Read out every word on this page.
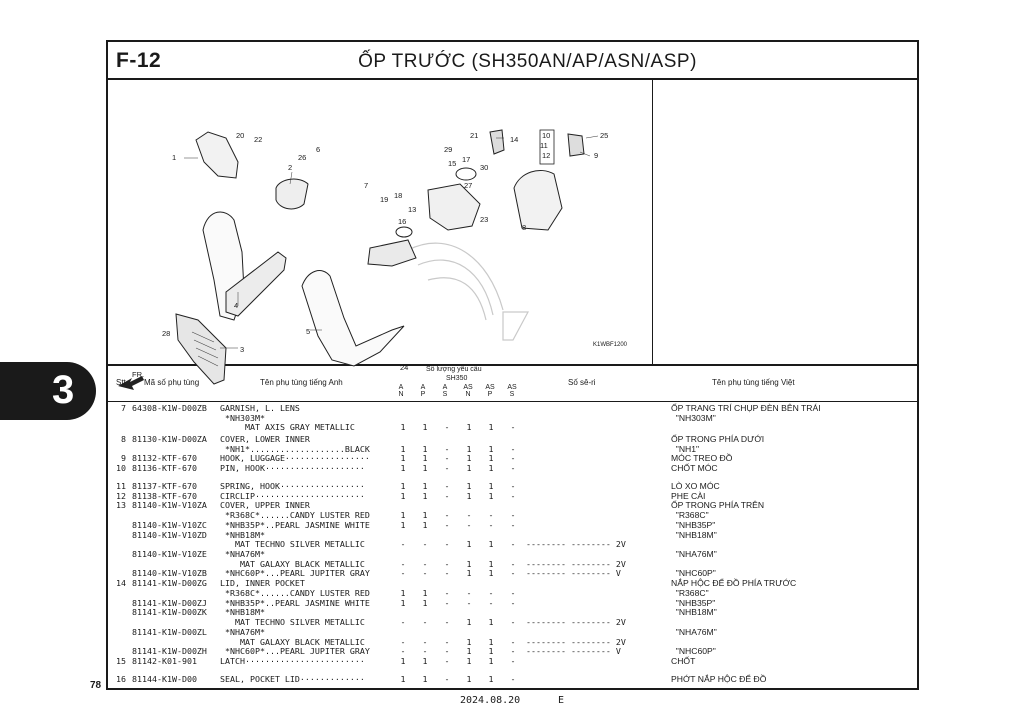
F-12	ỐP TRƯỚC (SH350AN/AP/ASN/ASP)
FR.
1
2
3
4
5
6
7
8
9
10
11
12
13
14
15
16
17
18
19
20	21
22
23
24
25
26
27
28
29
30
K1WBF1200
Stt Mã số phụ tùng	Tên phụ tùng tiếng Anh
Số lượng yêu cầu
SH350
A
N
A
P
A
S
AS
N
AS
P
AS
S
Số sê-ri	Tên phụ tùng tiếng Việt
7 64308-K1W-D00ZB GARNISH, L. LENS	ỐP TRANG TRÍ CHỤP ĐÈN BÊN TRÁI
*NH303M*	"NH303M"
MAT AXIS GRAY METALLIC	1	1	-	1	1	-
8 81130-K1W-D00ZA COVER, LOWER INNER	ỐP TRONG PHÍA DƯỚI
*NH1*...................BLACK	1	1	-	1	1	-	"NH1"
9 81132-KTF-670	HOOK, LUGGAGE·················	1	1	-	1	1	-	MÓC TREO ĐỒ
10 81136-KTF-670	PIN, HOOK····················	1	1	-	1	1	-	CHỐT MÓC
11 81137-KTF-670	SPRING, HOOK·················	1	1	-	1	1	-	LÒ XO MÓC
12 81138-KTF-670	CIRCLIP······················	1	1	-	1	1	-	PHE CÀI
13 81140-K1W-V10ZA COVER, UPPER INNER	ỐP TRONG PHÍA TRÊN
*R368C*......CANDY LUSTER RED	1	1	-	-	-	-	"R368C"
81140-K1W-V10ZC *NHB35P*..PEARL JASMINE WHITE	1	1	-	-	-	-	"NHB35P"
81140-K1W-V10ZD *NHB18M*	"NHB18M"
MAT TECHNO SILVER METALLIC	-	-	-	1	1	-	-------- -------- 2V
81140-K1W-V10ZE *NHA76M*	"NHA76M"
MAT GALAXY BLACK METALLIC	-	-	-	1	1	-	-------- -------- 2V
81140-K1W-V10ZB *NHC60P*...PEARL JUPITER GRAY	-	-	-	1	1	-	-------- -------- V	"NHC60P"
14 81141-K1W-D00ZG LID, INNER POCKET	NẮP HỘC ĐỂ ĐỒ PHÍA TRƯỚC
*R368C*......CANDY LUSTER RED	1	1	-	-	-	-	"R368C"
81141-K1W-D00ZJ *NHB35P*..PEARL JASMINE WHITE	1	1	-	-	-	-	"NHB35P"
81141-K1W-D00ZK *NHB18M*	"NHB18M"
MAT TECHNO SILVER METALLIC	-	-	-	1	1	-	-------- -------- 2V
81141-K1W-D00ZL *NHA76M*	"NHA76M"
MAT GALAXY BLACK METALLIC	-	-	-	1	1	-	-------- -------- 2V
81141-K1W-D00ZH *NHC60P*...PEARL JUPITER GRAY	-	-	-	1	1	-	-------- -------- V	"NHC60P"
15 81142-K01-901	LATCH························	1	1	-	1	1	-	CHỐT
16 81144-K1W-D00	SEAL, POCKET LID·············	1	1	-	1	1	-	PHỚT NẮP HỘC ĐỂ ĐỒ
3
78
2024.08.20	E
